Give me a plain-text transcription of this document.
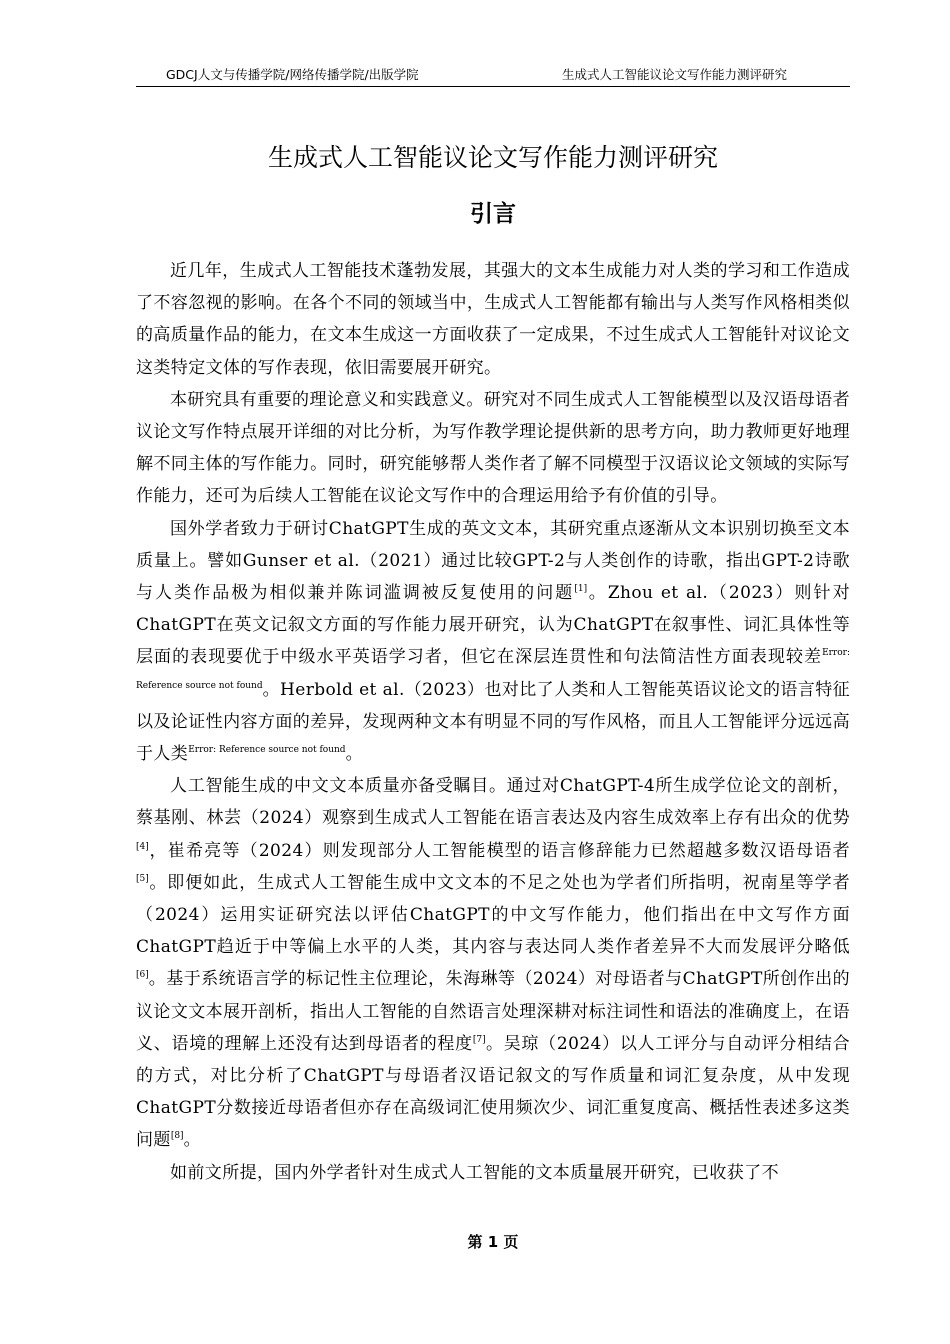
GDCJ人文与传播学院/网络传播学院/出版学院	生成式人工智能议论文写作能力测评研究
生成式人工智能议论文写作能力测评研究
引言

近几年，生成式人工智能技术蓬勃发展，其强大的文本生成能力对人类的学习和工作造成了不容忽视的影响。在各个不同的领域当中，生成式人工智能都有输出与人类写作风格相类似的高质量作品的能力，在文本生成这一方面收获了一定成果，不过生成式人工智能针对议论文这类特定文体的写作表现，依旧需要展开研究。

本研究具有重要的理论意义和实践意义。研究对不同生成式人工智能模型以及汉语母语者议论文写作特点展开详细的对比分析，为写作教学理论提供新的思考方向，助力教师更好地理解不同主体的写作能力。同时，研究能够帮人类作者了解不同模型于汉语议论文领域的实际写作能力，还可为后续人工智能在议论文写作中的合理运用给予有价值的引导。

国外学者致力于研讨ChatGPT生成的英文文本，其研究重点逐渐从文本识别切换至文本质量上。譬如Gunser et al.（2021）通过比较GPT-2与人类创作的诗歌，指出GPT-2诗歌与人类作品极为相似兼并陈词滥调被反复使用的问题[1]。Zhou et al.（2023）则针对ChatGPT在英文记叙文方面的写作能力展开研究，认为ChatGPT在叙事性、词汇具体性等层面的表现要优于中级水平英语学习者，但它在深层连贯性和句法简洁性方面表现较差$^{Error: Reference source not found}$。Herbold et al.（2023）也对比了人类和人工智能英语议论文的语言特征以及论证性内容方面的差异，发现两种文本有明显不同的写作风格，而且人工智能评分远远高于人类$^{Error: Reference source not found}$。

人工智能生成的中文文本质量亦备受瞩目。通过对ChatGPT-4所生成学位论文的剖析，蔡基刚、林芸（2024）观察到生成式人工智能在语言表达及内容生成效率上存有出众的优势[4]，崔希亮等（2024）则发现部分人工智能模型的语言修辞能力已然超越多数汉语母语者[5]。即便如此，生成式人工智能生成中文文本的不足之处也为学者们所指明，祝南星等学者（2024）运用实证研究法以评估ChatGPT的中文写作能力，他们指出在中文写作方面ChatGPT趋近于中等偏上水平的人类，其内容与表达同人类作者差异不大而发展评分略低[6]。基于系统语言学的标记性主位理论，朱海琳等（2024）对母语者与ChatGPT所创作出的议论文文本展开剖析，指出人工智能的自然语言处理深耕对标注词性和语法的准确度上，在语义、语境的理解上还没有达到母语者的程度[7]。吴琼（2024）以人工评分与自动评分相结合的方式，对比分析了ChatGPT与母语者汉语记叙文的写作质量和词汇复杂度，从中发现ChatGPT分数接近母语者但亦存在高级词汇使用频次少、词汇重复度高、概括性表述多这类问题[8]。

如前文所提，国内外学者针对生成式人工智能的文本质量展开研究，已收获了不

第 1 页
